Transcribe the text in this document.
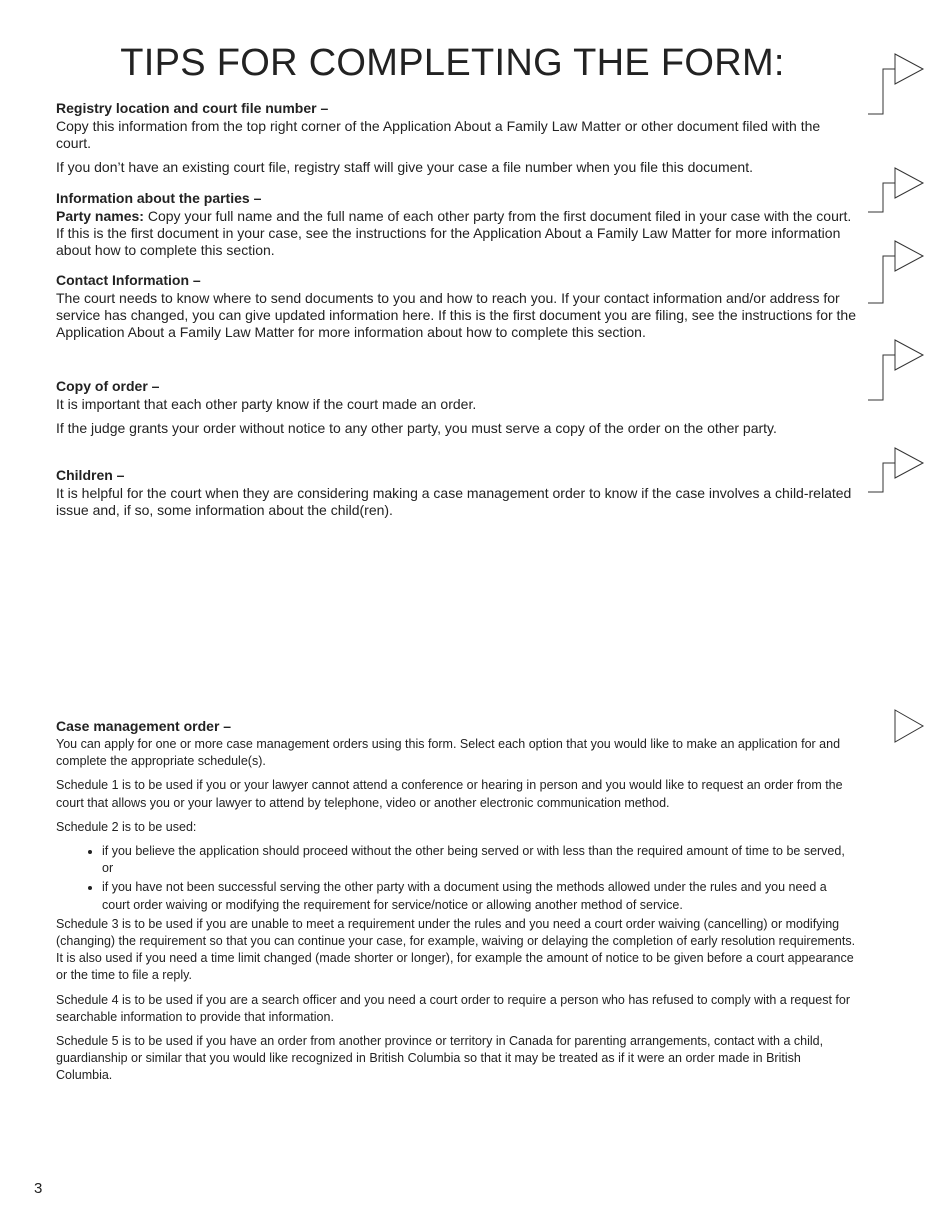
TIPS FOR COMPLETING THE FORM:
Registry location and court file number –

Copy this information from the top right corner of the Application About a Family Law Matter or other document filed with the court.

If you don’t have an existing court file, registry staff will give your case a file number when you file this document.

Information about the parties –

Party names: Copy your full name and the full name of each other party from the first document filed in your case with the court. If this is the first document in your case, see the instructions for the Application About a Family Law Matter for more information about how to complete this section.

Contact Information –

The court needs to know where to send documents to you and how to reach you. If your contact information and/or address for service has changed, you can give updated information here. If this is the first document you are filing, see the instructions for the Application About a Family Law Matter for more information about how to complete this section.

Copy of order –

It is important that each other party know if the court made an order.

If the judge grants your order without notice to any other party, you must serve a copy of the order on the other party.

Children –

It is helpful for the court when they are considering making a case management order to know if the case involves a child-related issue and, if so, some information about the child(ren).

Case management order –

You can apply for one or more case management orders using this form. Select each option that you would like to make an application for and complete the appropriate schedule(s).

Schedule 1 is to be used if you or your lawyer cannot attend a conference or hearing in person and you would like to request an order from the court that allows you or your lawyer to attend by telephone, video or another electronic communication method.

Schedule 2 is to be used:

• if you believe the application should proceed without the other being served or with less than the required amount of time to be served, or
• if you have not been successful serving the other party with a document using the methods allowed under the rules and you need a court order waiving or modifying the requirement for service/notice or allowing another method of service.

Schedule 3 is to be used if you are unable to meet a requirement under the rules and you need a court order waiving (cancelling) or modifying (changing) the requirement so that you can continue your case, for example, waiving or delaying the completion of early resolution requirements. It is also used if you need a time limit changed (made shorter or longer), for example the amount of notice to be given before a court appearance or the time to file a reply.

Schedule 4 is to be used if you are a search officer and you need a court order to require a person who has refused to comply with a request for searchable information to provide that information.

Schedule 5 is to be used if you have an order from another province or territory in Canada for parenting arrangements, contact with a child, guardianship or similar that you would like recognized in British Columbia so that it may be treated as if it were an order made in British Columbia.

3
